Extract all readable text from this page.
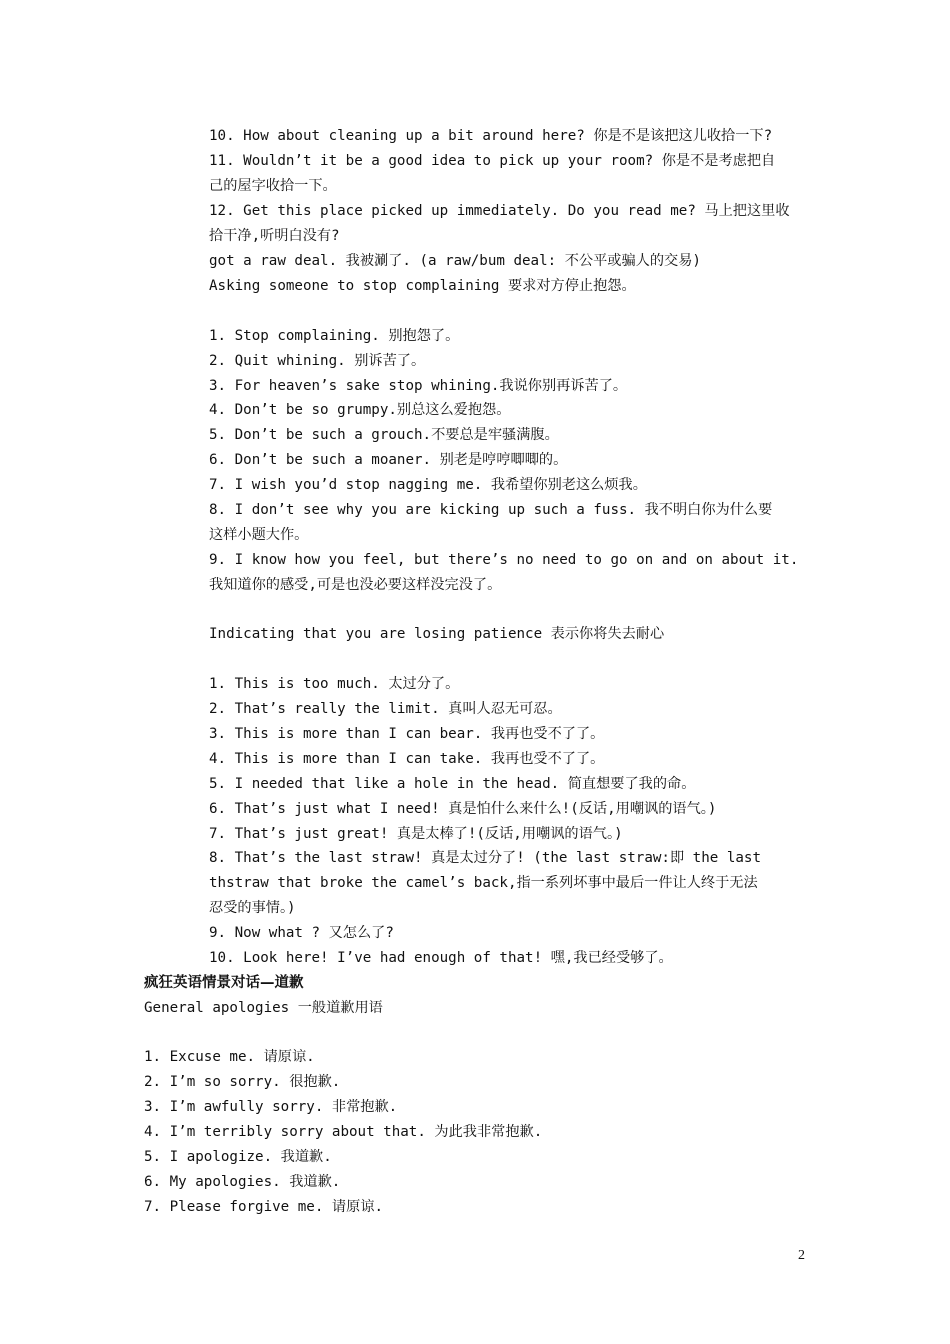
10. How about cleaning up a bit around here? 你是不是该把这儿收拾一下?
11. Wouldn’t it be a good idea to pick up your room? 你是不是考虑把自
己的屋字收拾一下。
12. Get this place picked up immediately. Do you read me? 马上把这里收
拾干净,听明白没有?
got a raw deal. 我被涮了. (a raw/bum deal: 不公平或骗人的交易)
Asking someone to stop complaining 要求对方停止抱怨。
1. Stop complaining. 别抱怨了。
2. Quit whining. 别诉苦了。
3. For heaven’s sake stop whining.我说你别再诉苦了。
4. Don’t be so grumpy.别总这么爱抱怨。
5. Don’t be such a grouch.不要总是牢骚满腹。
6. Don’t be such a moaner. 别老是哼哼唧唧的。
7. I wish you’d stop nagging me. 我希望你别老这么烦我。
8. I don’t see why you are kicking up such a fuss. 我不明白你为什么要
这样小题大作。
9. I know how you feel, but there’s no need to go on and on about it.
我知道你的感受,可是也没必要这样没完没了。
Indicating that you are losing patience 表示你将失去耐心
1. This is too much. 太过分了。
2. That’s really the limit. 真叫人忍无可忍。
3. This is more than I can bear. 我再也受不了了。
4. This is more than I can take. 我再也受不了了。
5. I needed that like a hole in the head. 简直想要了我的命。
6. That’s just what I need! 真是怕什么来什么!(反话,用嘲讽的语气。)
7. That’s just great! 真是太棒了!(反话,用嘲讽的语气。)
8. That’s the last straw! 真是太过分了! (the last straw:即 the last
thstraw that broke the camel’s back,指一系列坏事中最后一件让人终于无法
忍受的事情。)
9. Now what ? 又怎么了?
10. Look here! I’ve had enough of that! 嘿,我已经受够了。
疯狂英语情景对话—道歉
General apologies 一般道歉用语
1. Excuse me. 请原谅.
2. I’m so sorry. 很抱歉.
3. I’m awfully sorry. 非常抱歉.
4. I’m terribly sorry about that. 为此我非常抱歉.
5. I apologize. 我道歉.
6. My apologies. 我道歉.
7. Please forgive me. 请原谅.
2
